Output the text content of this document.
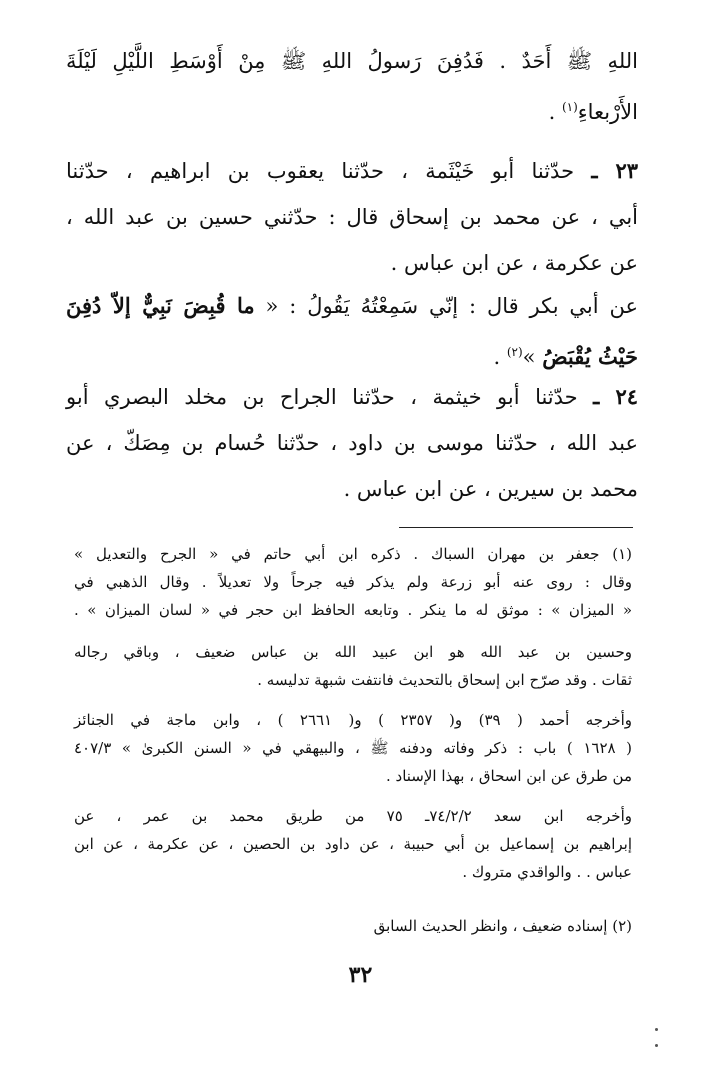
اللهِ ﷺ أَحَدٌ . فَدُفِنَ رَسولُ اللهِ ﷺ مِنْ أَوْسَطِ اللَّيْلِ لَيْلَةَ
الأَرْبعاءِ$^{(١)}$ .

٢٣ ـ حدّثنا أبو خَيْثَمة ، حدّثنا يعقوب بن ابراهيم ، حدّثنا
أبي ، عن محمد بن إسحاق قال : حدّثني حسين بن عبد الله ،
عن عكرمة ، عن ابن عباس .

عن أبي بكر قال : إنّي سَمِعْتُهُ يَقُولُ : « ما قُبِضَ نَبِيٌّ إلاّ دُفِنَ
حَيْثُ يُقْبَضُ »$^{(٢)}$ .

٢٤ ـ حدّثنا أبو خيثمة ، حدّثنا الجراح بن مخلد البصري أبو
عبد الله ، حدّثنا موسى بن داود ، حدّثنا حُسام بن مِصَكّ ، عن
محمد بن سيرين ، عن ابن عباس .

(١) جعفر بن مهران السباك . ذكره ابن أبي حاتم في « الجرح والتعديل »
وقال : روى عنه أبو زرعة ولم يذكر فيه جرحاً ولا تعديلاً . وقال الذهبي في
« الميزان » : موثق له ما ينكر . وتابعه الحافظ ابن حجر في « لسان الميزان » .

وحسين بن عبد الله هو ابن عبيد الله بن عباس ضعيف ، وباقي رجاله
ثقات . وقد صرّح ابن إسحاق بالتحديث فانتفت شبهة تدليسه .

وأخرجه أحمد ( ٣٩) و( ٢٣٥٧ ) و( ٢٦٦١ ) ، وابن ماجة في الجنائز
( ١٦٢٨ ) باب : ذكر وفاته ودفنه ﷺ ، والبيهقي في « السنن الكبرىٰ » ٤٠٧/٣
من طرق عن ابن اسحاق ، بهذا الإسناد .

وأخرجه ابن سعد ٧٤/٢/٢ـ ٧٥ من طريق محمد بن عمر ، عن
إبراهيم بن إسماعيل بن أبي حبيبة ، عن داود بن الحصين ، عن عكرمة ، عن ابن
عباس . . والواقدي متروك .

(٢) إسناده ضعيف ، وانظر الحديث السابق

٣٢
